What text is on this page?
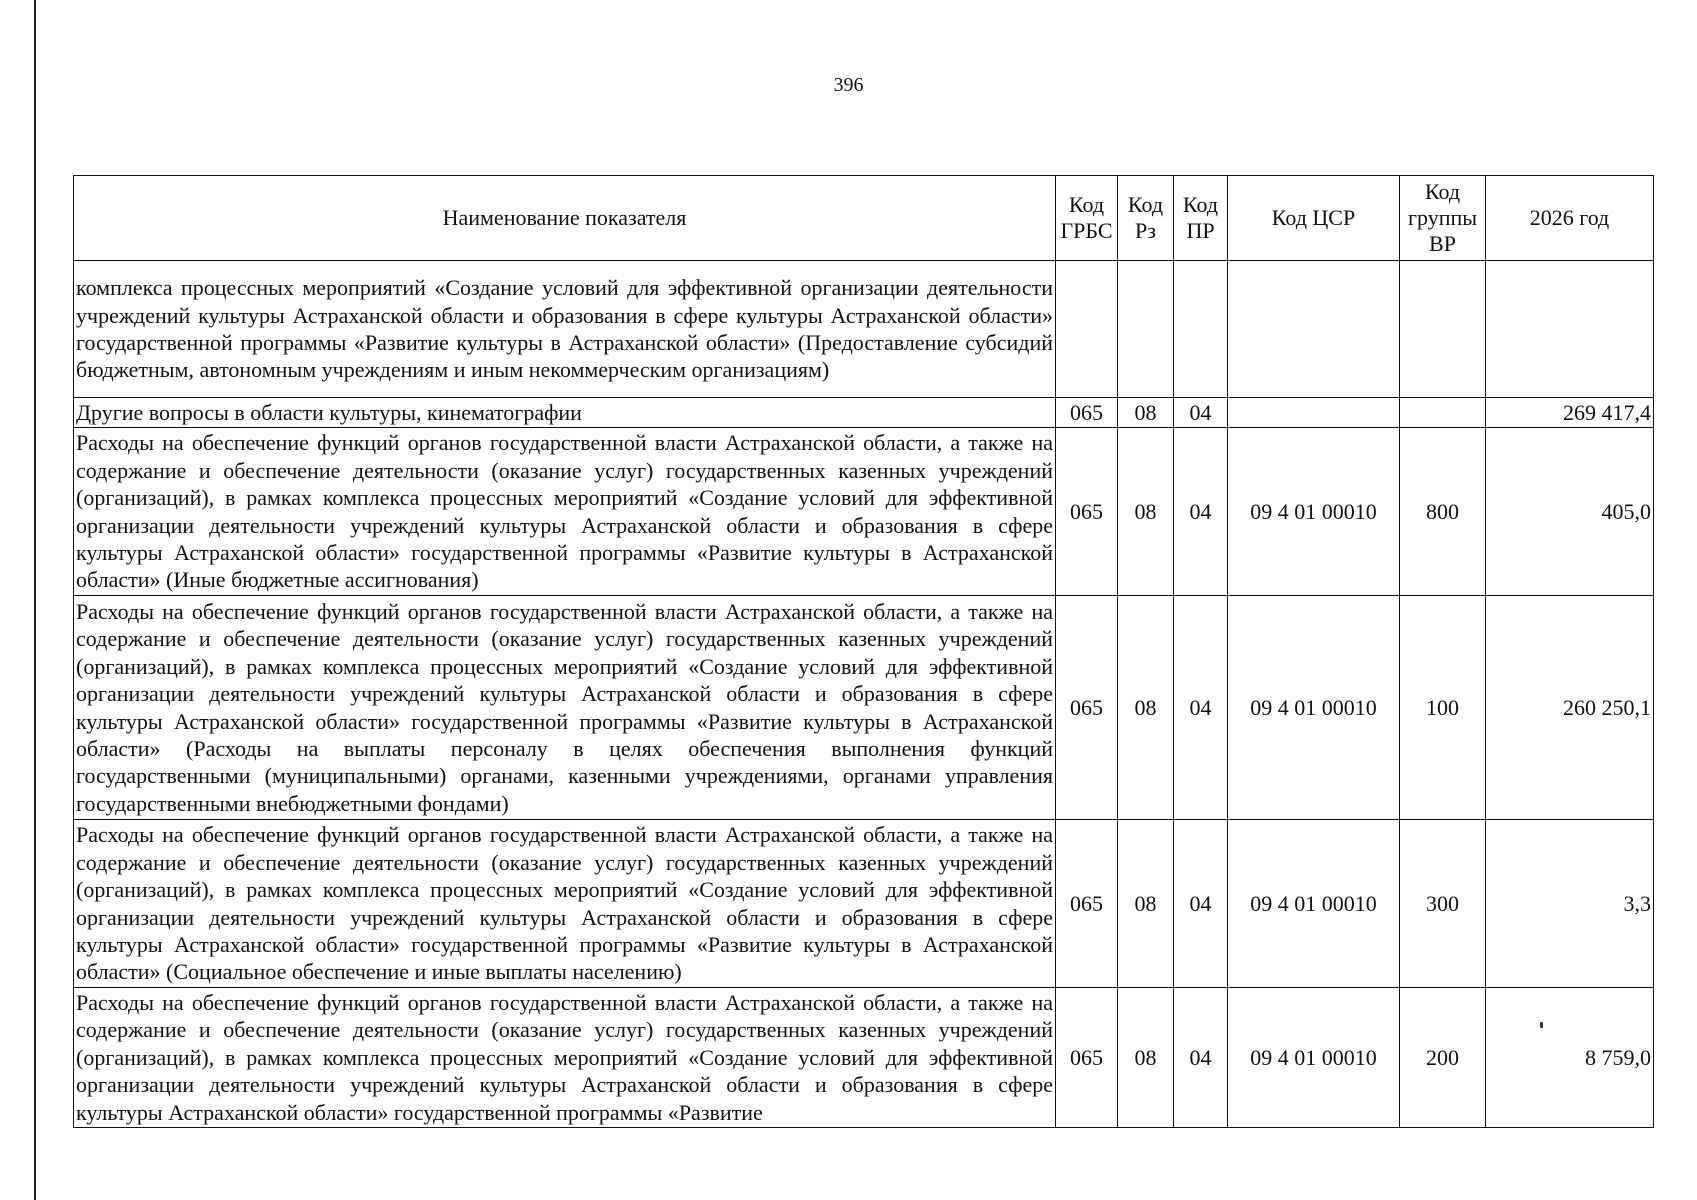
396
Наименование показателя	Код ГРБС	Код Рз	Код ПР	Код ЦСР	Код группы ВР	2026 год
комплекса процессных мероприятий «Создание условий для эффективной организации деятельности учреждений культуры Астраханской области и образования в сфере культуры Астраханской области» государственной программы «Развитие культуры в Астраханской области» (Предоставление субсидий бюджетным, автономным учреждениям и иным некоммерческим организациям)						
Другие вопросы в области культуры, кинематографии	065	08	04			269 417,4
Расходы на обеспечение функций органов государственной власти Астраханской области, а также на содержание и обеспечение деятельности (оказание услуг) государственных казенных учреждений (организаций), в рамках комплекса процессных мероприятий «Создание условий для эффективной организации деятельности учреждений культуры Астраханской области и образования в сфере культуры Астраханской области» государственной программы «Развитие культуры в Астраханской области» (Иные бюджетные ассигнования)	065	08	04	09 4 01 00010	800	405,0
Расходы на обеспечение функций органов государственной власти Астраханской области, а также на содержание и обеспечение деятельности (оказание услуг) государственных казенных учреждений (организаций), в рамках комплекса процессных мероприятий «Создание условий для эффективной организации деятельности учреждений культуры Астраханской области и образования в сфере культуры Астраханской области» государственной программы «Развитие культуры в Астраханской области» (Расходы на выплаты персоналу в целях обеспечения выполнения функций государственными (муниципальными) органами, казенными учреждениями, органами управления государственными внебюджетными фондами)	065	08	04	09 4 01 00010	100	260 250,1
Расходы на обеспечение функций органов государственной власти Астраханской области, а также на содержание и обеспечение деятельности (оказание услуг) государственных казенных учреждений (организаций), в рамках комплекса процессных мероприятий «Создание условий для эффективной организации деятельности учреждений культуры Астраханской области и образования в сфере культуры Астраханской области» государственной программы «Развитие культуры в Астраханской области» (Социальное обеспечение и иные выплаты населению)	065	08	04	09 4 01 00010	300	3,3
Расходы на обеспечение функций органов государственной власти Астраханской области, а также на содержание и обеспечение деятельности (оказание услуг) государственных казенных учреждений (организаций), в рамках комплекса процессных мероприятий «Создание условий для эффективной организации деятельности учреждений культуры Астраханской области и образования в сфере культуры Астраханской области» государственной программы «Развитие	065	08	04	09 4 01 00010	200	8 759,0
